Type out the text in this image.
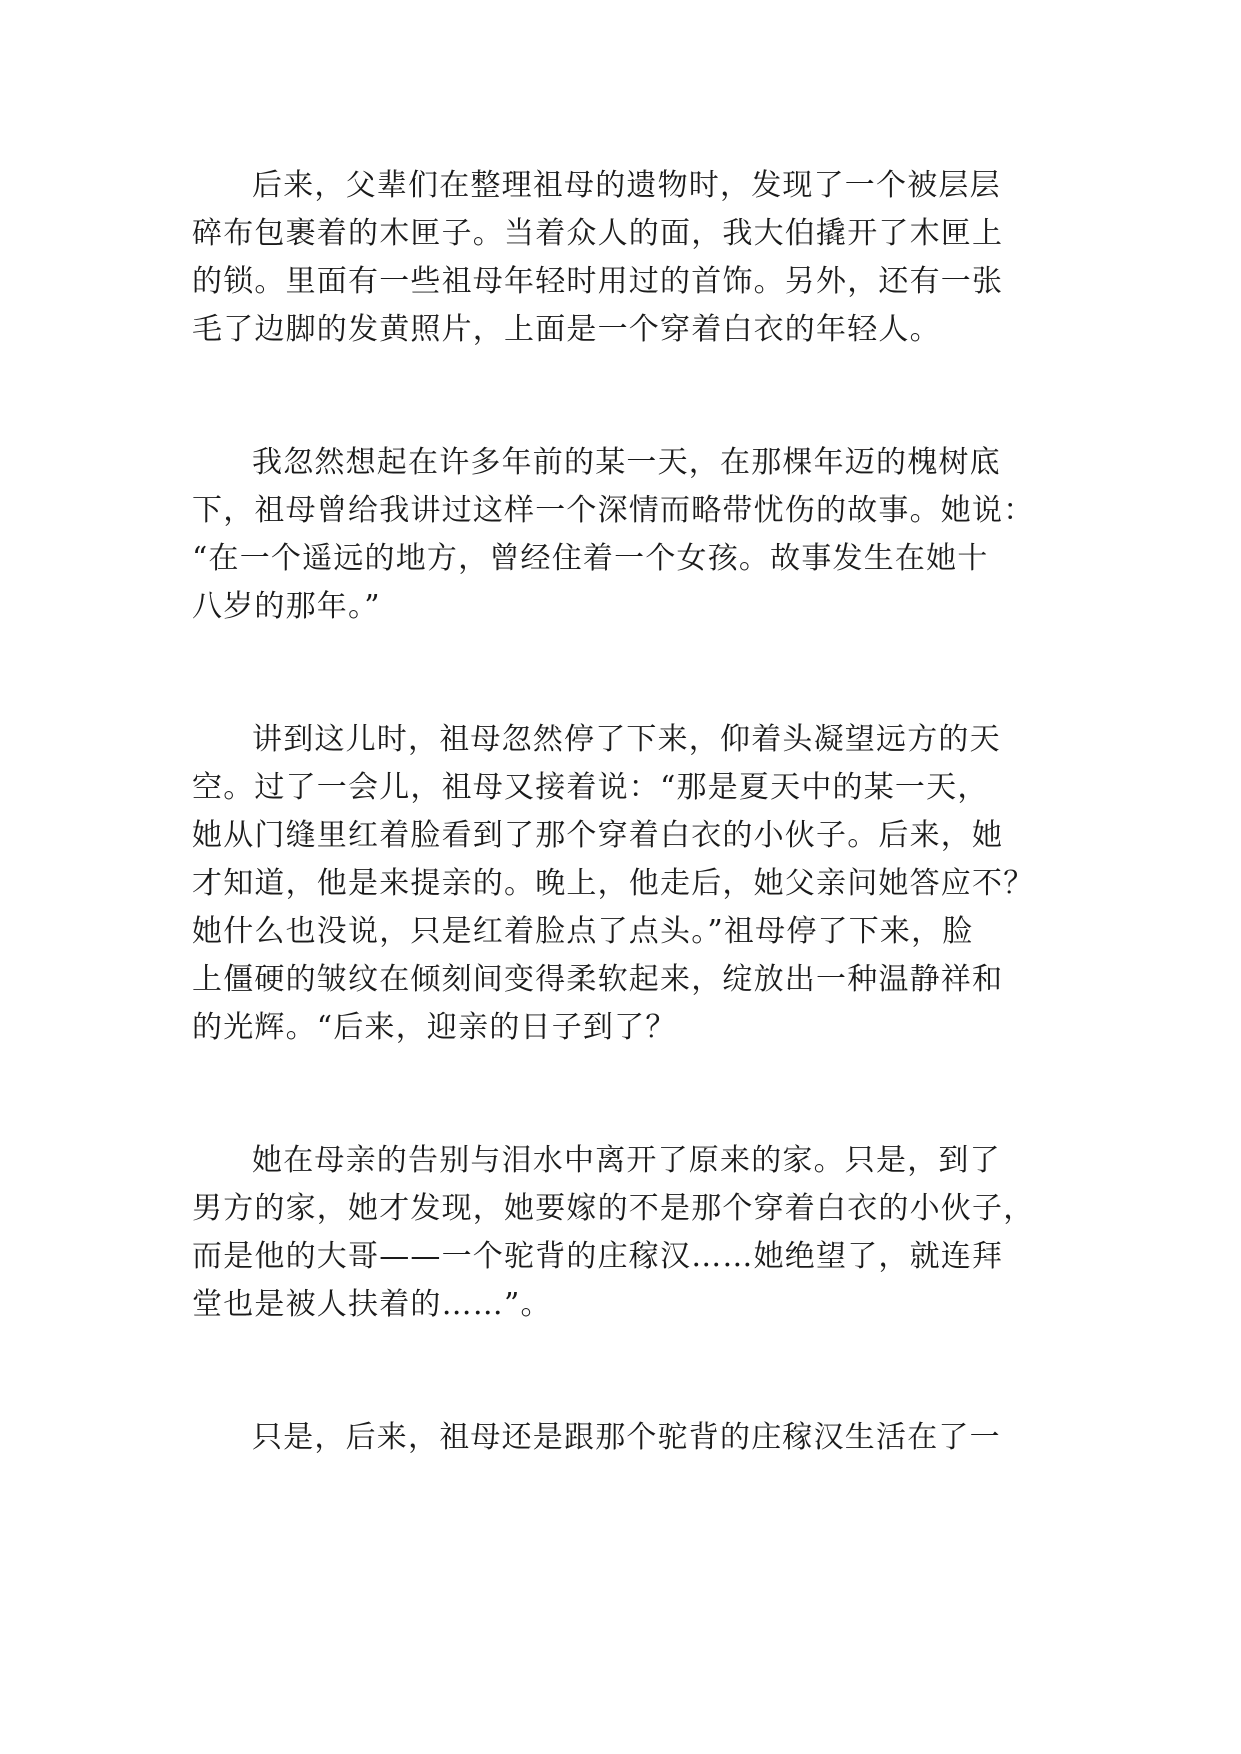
后来，父辈们在整理祖母的遗物时，发现了一个被层层
碎布包裹着的木匣子。当着众人的面，我大伯撬开了木匣上
的锁。里面有一些祖母年轻时用过的首饰。另外，还有一张
毛了边脚的发黄照片，上面是一个穿着白衣的年轻人。
我忽然想起在许多年前的某一天，在那棵年迈的槐树底
下，祖母曾给我讲过这样一个深情而略带忧伤的故事。她说：
“在一个遥远的地方，曾经住着一个女孩。故事发生在她十
八岁的那年。”
讲到这儿时，祖母忽然停了下来，仰着头凝望远方的天
空。过了一会儿，祖母又接着说：“那是夏天中的某一天，
她从门缝里红着脸看到了那个穿着白衣的小伙子。后来，她
才知道，他是来提亲的。晚上，他走后，她父亲问她答应不？
她什么也没说，只是红着脸点了点头。”祖母停了下来，脸
上僵硬的皱纹在倾刻间变得柔软起来，绽放出一种温静祥和
的光辉。“后来，迎亲的日子到了？
她在母亲的告别与泪水中离开了原来的家。只是，到了
男方的家，她才发现，她要嫁的不是那个穿着白衣的小伙子，
而是他的大哥——一个驼背的庄稼汉……她绝望了，就连拜
堂也是被人扶着的……”。
只是，后来，祖母还是跟那个驼背的庄稼汉生活在了一
